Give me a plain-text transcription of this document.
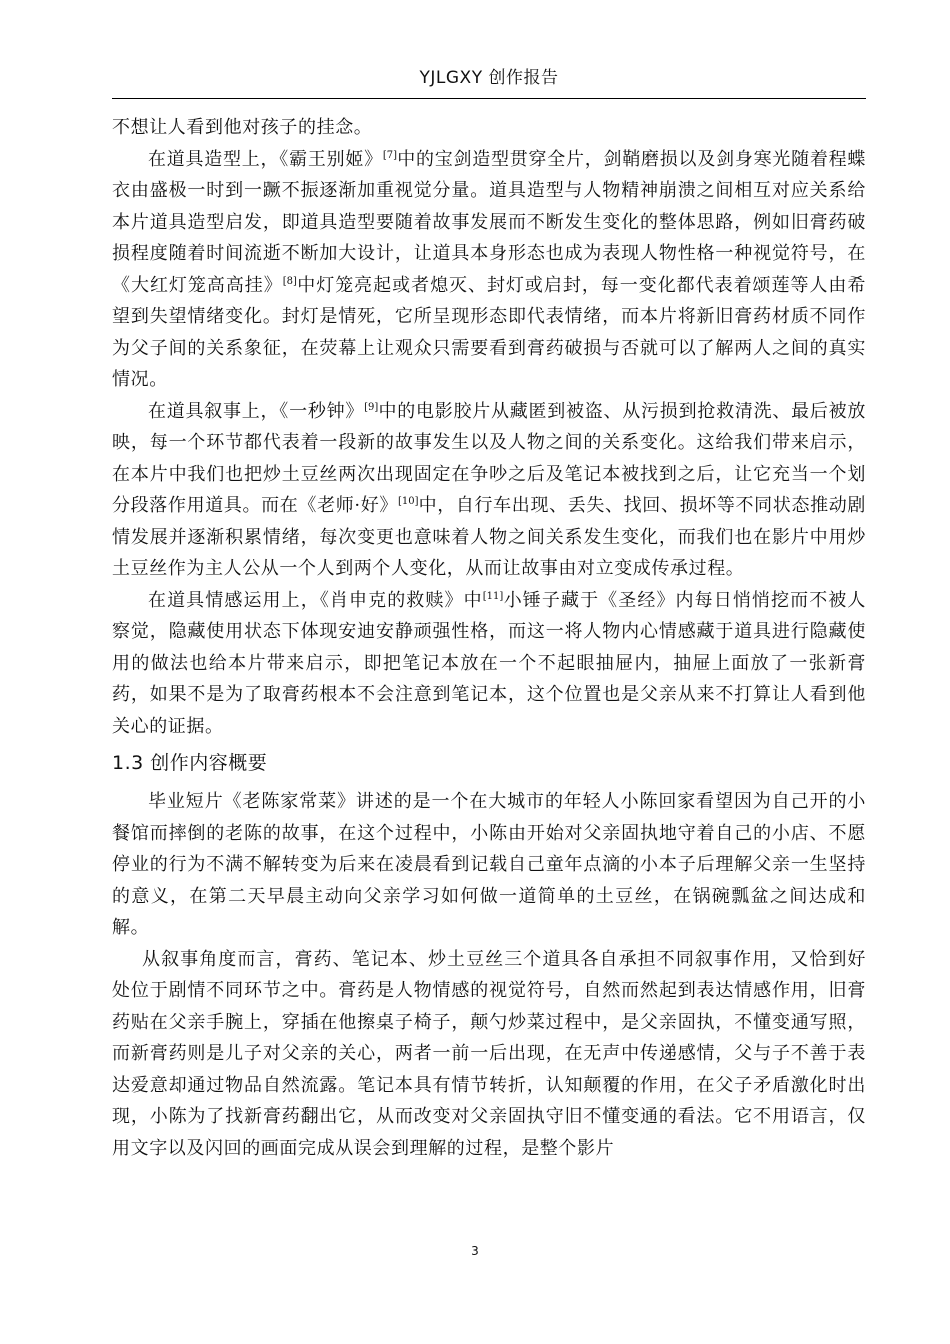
YJLGXY 创作报告

不想让人看到他对孩子的挂念。

在道具造型上，《霸王别姬》[7]中的宝剑造型贯穿全片，剑鞘磨损以及剑身寒光随着程蝶衣由盛极一时到一蹶不振逐渐加重视觉分量。道具造型与人物精神崩溃之间相互对应关系给本片道具造型启发，即道具造型要随着故事发展而不断发生变化的整体思路，例如旧膏药破损程度随着时间流逝不断加大设计，让道具本身形态也成为表现人物性格一种视觉符号，在《大红灯笼高高挂》[8]中灯笼亮起或者熄灭、封灯或启封，每一变化都代表着颂莲等人由希望到失望情绪变化。封灯是情死，它所呈现形态即代表情绪，而本片将新旧膏药材质不同作为父子间的关系象征，在荧幕上让观众只需要看到膏药破损与否就可以了解两人之间的真实情况。

在道具叙事上，《一秒钟》[9]中的电影胶片从藏匿到被盗、从污损到抢救清洗、最后被放映，每一个环节都代表着一段新的故事发生以及人物之间的关系变化。这给我们带来启示，在本片中我们也把炒土豆丝两次出现固定在争吵之后及笔记本被找到之后，让它充当一个划分段落作用道具。而在《老师·好》[10]中，自行车出现、丢失、找回、损坏等不同状态推动剧情发展并逐渐积累情绪，每次变更也意味着人物之间关系发生变化，而我们也在影片中用炒土豆丝作为主人公从一个人到两个人变化，从而让故事由对立变成传承过程。

在道具情感运用上，《肖申克的救赎》中[11]小锤子藏于《圣经》内每日悄悄挖而不被人察觉，隐藏使用状态下体现安迪安静顽强性格，而这一将人物内心情感藏于道具进行隐藏使用的做法也给本片带来启示，即把笔记本放在一个不起眼抽屉内，抽屉上面放了一张新膏药，如果不是为了取膏药根本不会注意到笔记本，这个位置也是父亲从来不打算让人看到他关心的证据。

1.3 创作内容概要

毕业短片《老陈家常菜》讲述的是一个在大城市的年轻人小陈回家看望因为自己开的小餐馆而摔倒的老陈的故事，在这个过程中，小陈由开始对父亲固执地守着自己的小店、不愿停业的行为不满不解转变为后来在凌晨看到记载自己童年点滴的小本子后理解父亲一生坚持的意义，在第二天早晨主动向父亲学习如何做一道简单的土豆丝，在锅碗瓢盆之间达成和解。

从叙事角度而言，膏药、笔记本、炒土豆丝三个道具各自承担不同叙事作用，又恰到好处位于剧情不同环节之中。膏药是人物情感的视觉符号，自然而然起到表达情感作用，旧膏药贴在父亲手腕上，穿插在他擦桌子椅子，颠勺炒菜过程中，是父亲固执，不懂变通写照，而新膏药则是儿子对父亲的关心，两者一前一后出现，在无声中传递感情，父与子不善于表达爱意却通过物品自然流露。笔记本具有情节转折，认知颠覆的作用，在父子矛盾激化时出现，小陈为了找新膏药翻出它，从而改变对父亲固执守旧不懂变通的看法。它不用语言，仅用文字以及闪回的画面完成从误会到理解的过程，是整个影片

3
